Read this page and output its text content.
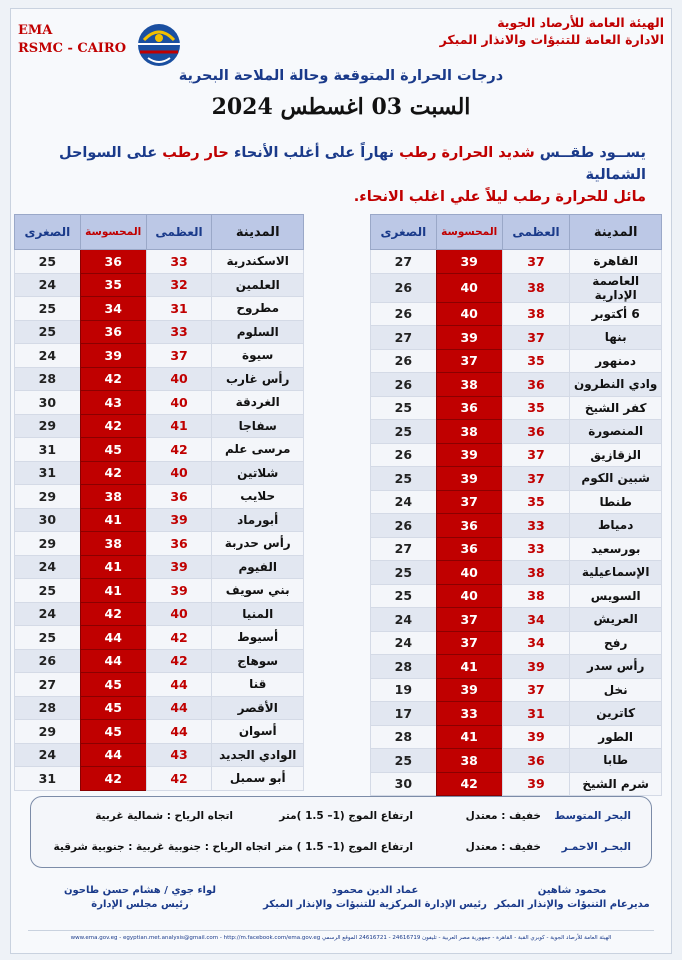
EMA
RSMC - CAIRO
الهيئة العامة للأرصاد الجوية
الادارة العامة للتنبؤات والانذار المبكر
درجات الحرارة المتوقعة وحالة الملاحة البحرية
السبت 03 اغسطس 2024
يســود طقــس شديد الحرارة رطب نهاراً على أغلب الأنحاء حار رطب على السواحل الشمالية
مائل للحرارة رطب ليلاً علي اغلب الانحاء.
المدينة	العظمى	المحسوسة	الصغرى
القاهرة	37	39	27
العاصمة الإدارية	38	40	26
6 أكتوبر	38	40	26
بنها	37	39	27
دمنهور	35	37	26
وادي النطرون	36	38	26
كفر الشيخ	35	36	25
المنصورة	36	38	25
الزقازيق	37	39	26
شبين الكوم	37	39	25
طنطا	35	37	24
دمياط	33	36	26
بورسعيد	33	36	27
الإسماعيلية	38	40	25
السويس	38	40	25
العريش	34	37	24
رفح	34	37	24
رأس سدر	39	41	28
نخل	37	39	19
كاترين	31	33	17
الطور	39	41	28
طابا	36	38	25
شرم الشيخ	39	42	30
المدينة	العظمى	المحسوسة	الصغرى
الاسكندرية	33	36	25
العلمين	32	35	24
مطروح	31	34	25
السلوم	33	36	25
سيوة	37	39	24
رأس غارب	40	42	28
الغردقة	40	43	30
سفاجا	41	42	29
مرسى علم	42	45	31
شلاتين	40	42	31
حلايب	36	38	29
أبورماد	39	41	30
رأس حدربة	36	38	29
الفيوم	39	41	24
بني سويف	39	41	25
المنيا	40	42	24
أسيوط	42	44	25
سوهاج	42	44	26
قنا	44	45	27
الأقصر	44	45	28
أسوان	44	45	29
الوادي الجديد	43	44	24
أبو سمبل	42	42	31
البحر المتوسط
خفيف : معتدل
ارتفاع الموج (1– 1.5 )متر
اتجاه الرياح : شمالية غربية
البحـر الاحمـر
خفيف : معتدل
ارتفاع الموج (1– 1.5 ) متر
اتجاه الرياح : جنوبية غربية : جنوبية شرقية
محمود شاهين
مديرعام التنبؤات والإنذار المبكر
عماد الدين محمود
رئيس الإدارة المركزية للتنبؤات والإنذار المبكر
لواء جوي / هشام حسن طاحون
رئيس مجلس الإدارة
الهيئة العامة للأرصاد الجوية - كوبري القبة - القاهرة - جمهورية مصر العربية - تليفون 24616719 - 24616721 الموقع الرسمي www.ema.gov.eg - egyptian.met.analysis@gmail.com - http://m.facebook.com/ema.gov.eg
